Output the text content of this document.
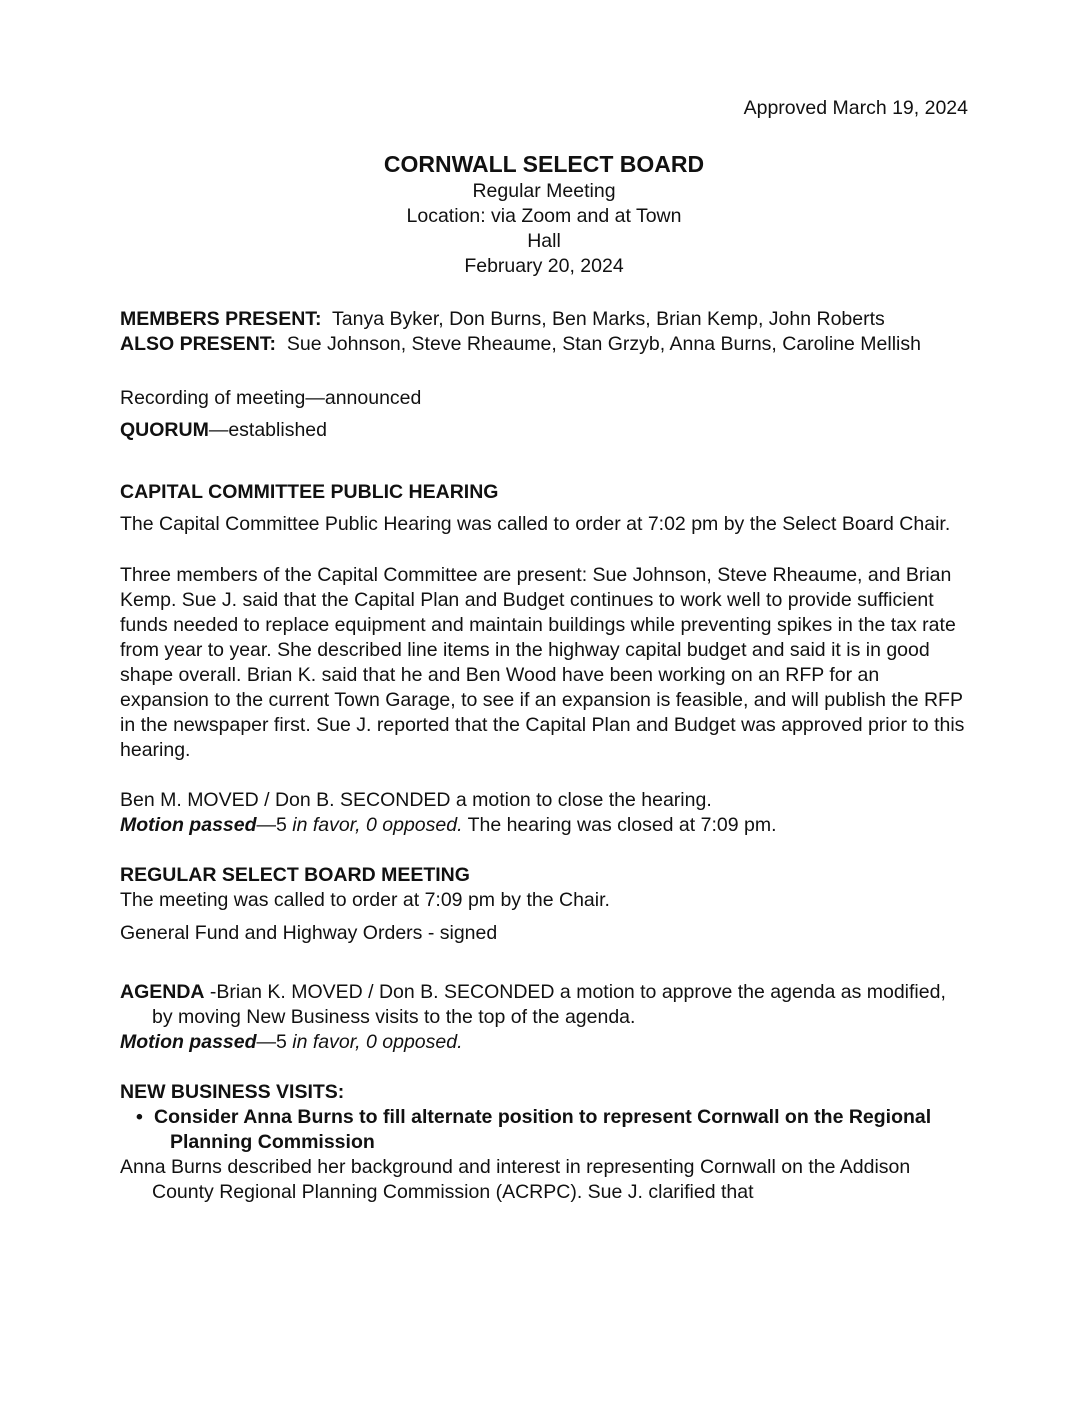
Approved March 19, 2024
CORNWALL SELECT BOARD
Regular Meeting
Location: via Zoom and at Town
Hall
February 20, 2024
MEMBERS PRESENT: Tanya Byker, Don Burns, Ben Marks, Brian Kemp, John Roberts
ALSO PRESENT: Sue Johnson, Steve Rheaume, Stan Grzyb, Anna Burns, Caroline Mellish
Recording of meeting—announced
QUORUM—established
CAPITAL COMMITTEE PUBLIC HEARING
The Capital Committee Public Hearing was called to order at 7:02 pm by the Select Board Chair.
Three members of the Capital Committee are present: Sue Johnson, Steve Rheaume, and Brian Kemp. Sue J. said that the Capital Plan and Budget continues to work well to provide sufficient funds needed to replace equipment and maintain buildings while preventing spikes in the tax rate from year to year. She described line items in the highway capital budget and said it is in good shape overall. Brian K. said that he and Ben Wood have been working on an RFP for an expansion to the current Town Garage, to see if an expansion is feasible, and will publish the RFP in the newspaper first. Sue J. reported that the Capital Plan and Budget was approved prior to this hearing.
Ben M. MOVED / Don B. SECONDED a motion to close the hearing.
Motion passed—5 in favor, 0 opposed. The hearing was closed at 7:09 pm.
REGULAR SELECT BOARD MEETING
The meeting was called to order at 7:09 pm by the Chair.
General Fund and Highway Orders - signed
AGENDA -Brian K. MOVED / Don B. SECONDED a motion to approve the agenda as modified, by moving New Business visits to the top of the agenda.
Motion passed—5 in favor, 0 opposed.
NEW BUSINESS VISITS:
• Consider Anna Burns to fill alternate position to represent Cornwall on the Regional Planning Commission
Anna Burns described her background and interest in representing Cornwall on the Addison County Regional Planning Commission (ACRPC). Sue J. clarified that
